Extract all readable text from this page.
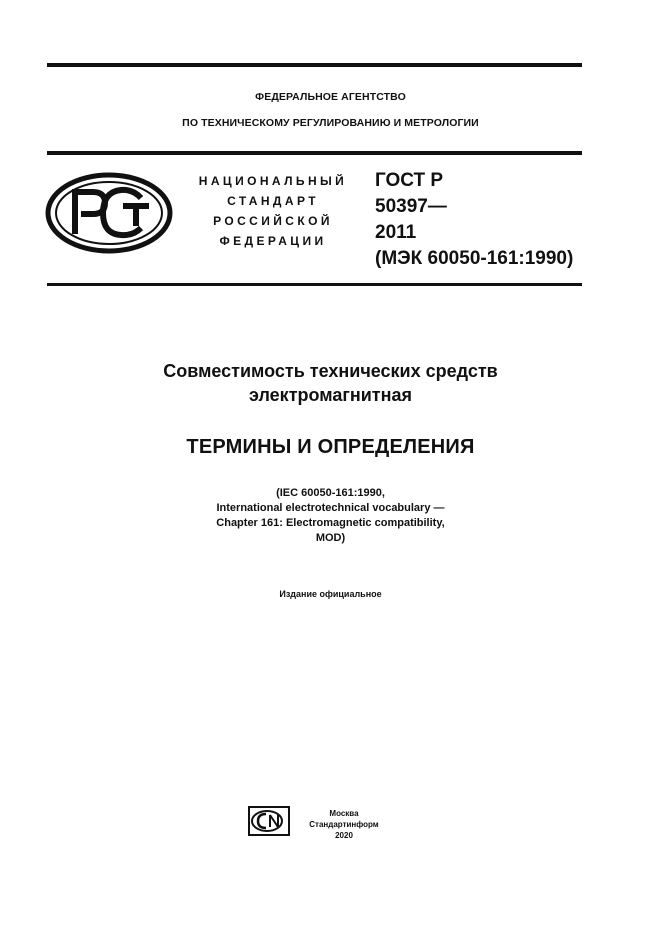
ФЕДЕРАЛЬНОЕ АГЕНТСТВО
ПО ТЕХНИЧЕСКОМУ РЕГУЛИРОВАНИЮ И МЕТРОЛОГИИ
НАЦИОНАЛЬНЫЙ
СТАНДАРТ
РОССИЙСКОЙ
ФЕДЕРАЦИИ
ГОСТ Р
50397—
2011
(МЭК 60050-161:1990)
Совместимость технических средств
электромагнитная
ТЕРМИНЫ И ОПРЕДЕЛЕНИЯ
(IEC 60050-161:1990,
International electrotechnical vocabulary —
Chapter 161: Electromagnetic compatibility,
MOD)
Издание официальное
Москва
Стандартинформ
2020
